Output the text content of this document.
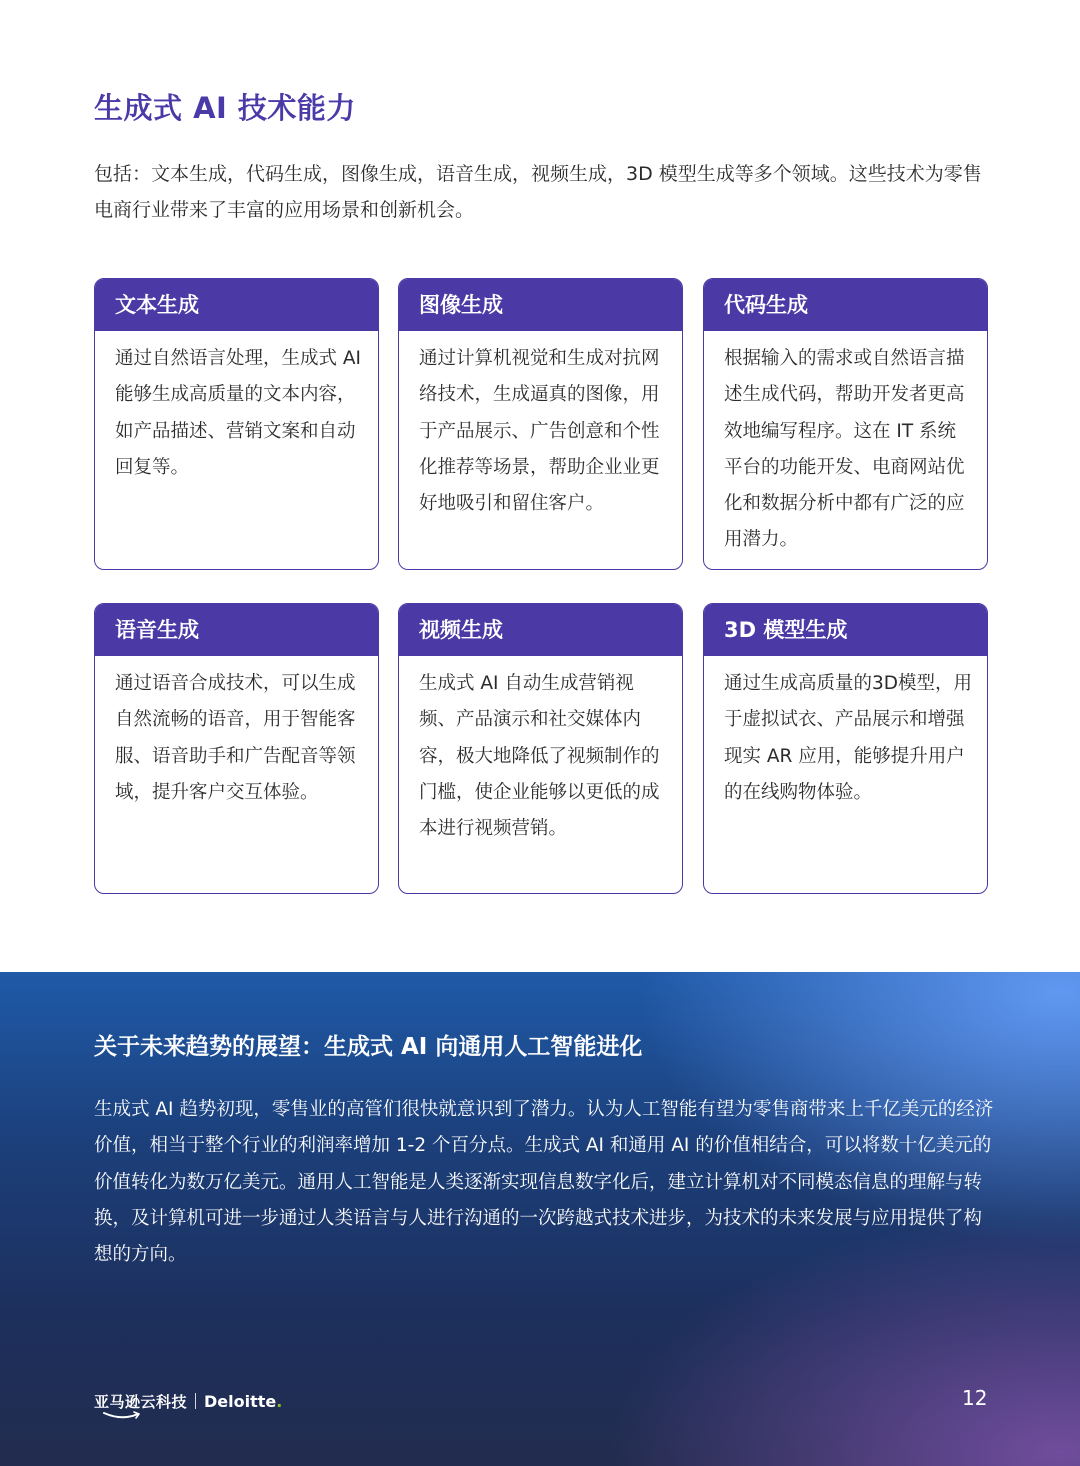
生成式 AI 技术能力

包括：文本生成，代码生成，图像生成，语音生成，视频生成，3D 模型生成等多个领域。这些技术为零售电商行业带来了丰富的应用场景和创新机会。

文本生成
通过自然语言处理，生成式 AI 能够生成高质量的文本内容，如产品描述、营销文案和自动回复等。
图像生成
通过计算机视觉和生成对抗网络技术，生成逼真的图像，用于产品展示、广告创意和个性化推荐等场景，帮助企业业更好地吸引和留住客户。
代码生成
根据输入的需求或自然语言描述生成代码，帮助开发者更高效地编写程序。这在 IT 系统平台的功能开发、电商网站优化和数据分析中都有广泛的应用潜力。
语音生成
通过语音合成技术，可以生成自然流畅的语音，用于智能客服、语音助手和广告配音等领域，提升客户交互体验。
视频生成
生成式 AI 自动生成营销视频、产品演示和社交媒体内容，极大地降低了视频制作的门槛，使企业能够以更低的成本进行视频营销。
3D 模型生成
通过生成高质量的3D模型，用于虚拟试衣、产品展示和增强现实 AR 应用，能够提升用户的在线购物体验。
关于未来趋势的展望：生成式 AI 向通用人工智能进化

生成式 AI 趋势初现，零售业的高管们很快就意识到了潜力。认为人工智能有望为零售商带来上千亿美元的经济价值，相当于整个行业的利润率增加 1-2 个百分点。生成式 AI 和通用 AI 的价值相结合，可以将数十亿美元的价值转化为数万亿美元。通用人工智能是人类逐渐实现信息数字化后，建立计算机对不同模态信息的理解与转换，及计算机可进一步通过人类语言与人进行沟通的一次跨越式技术进步，为技术的未来发展与应用提供了构想的方向。

亚马逊云科技 Deloitte.	12
